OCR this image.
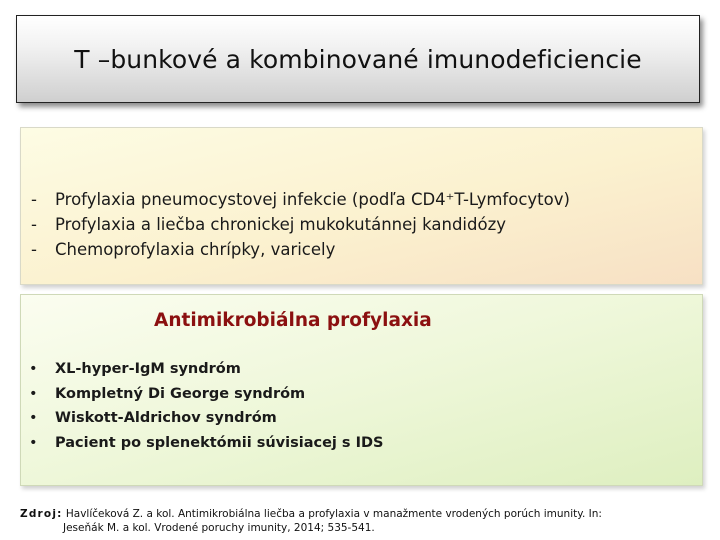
T –bunkové a kombinované imunodeficiencie
- Profylaxia pneumocystovej infekcie (podľa CD4⁺T-Lymfocytov)
- Profylaxia a liečba chronickej mukokutánnej kandidózy
- Chemoprofylaxia chrípky, varicely
Antimikrobiálna profylaxia
• XL-hyper-IgM syndróm
• Kompletný Di George syndróm
• Wiskott-Aldrichov syndróm
• Pacient po splenektómii súvisiacej s IDS
Zdroj: Havlíčeková Z. a kol. Antimikrobiálna liečba a profylaxia v manažmente vrodených porúch imunity. In:
Jeseňák M. a kol. Vrodené poruchy imunity, 2014; 535-541.
